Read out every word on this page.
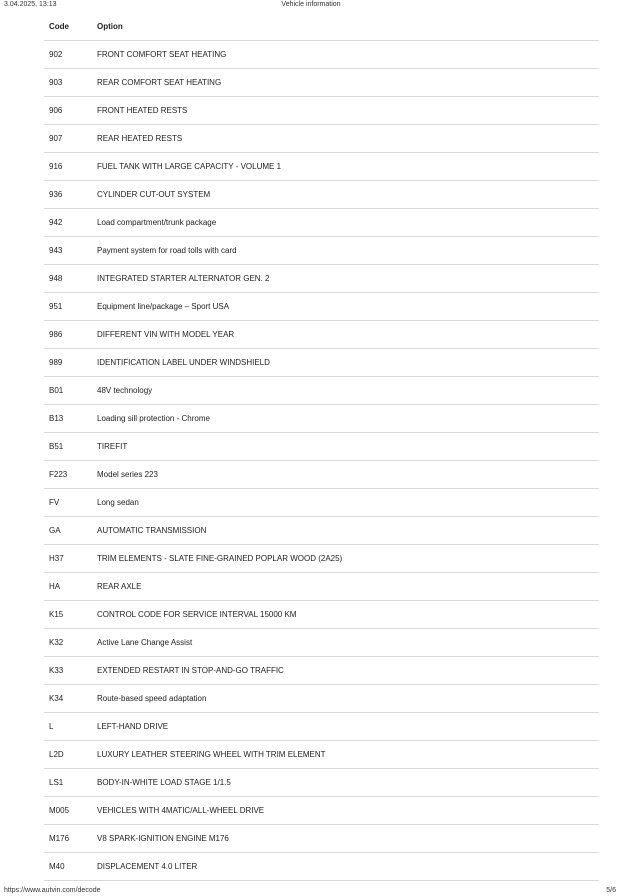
3.04.2025, 13:13	Vehicle information
Code	Option
902	FRONT COMFORT SEAT HEATING
903	REAR COMFORT SEAT HEATING
906	FRONT HEATED RESTS
907	REAR HEATED RESTS
916	FUEL TANK WITH LARGE CAPACITY - VOLUME 1
936	CYLINDER CUT-OUT SYSTEM
942	Load compartment/trunk package
943	Payment system for road tolls with card
948	INTEGRATED STARTER ALTERNATOR GEN. 2
951	Equipment line/package – Sport USA
986	DIFFERENT VIN WITH MODEL YEAR
989	IDENTIFICATION LABEL UNDER WINDSHIELD
B01	48V technology
B13	Loading sill protection - Chrome
B51	TIREFIT
F223	Model series 223
FV	Long sedan
GA	AUTOMATIC TRANSMISSION
H37	TRIM ELEMENTS - SLATE FINE-GRAINED POPLAR WOOD (2A25)
HA	REAR AXLE
K15	CONTROL CODE FOR SERVICE INTERVAL 15000 KM
K32	Active Lane Change Assist
K33	EXTENDED RESTART IN STOP-AND-GO TRAFFIC
K34	Route-based speed adaptation
L	LEFT-HAND DRIVE
L2D	LUXURY LEATHER STEERING WHEEL WITH TRIM ELEMENT
LS1	BODY-IN-WHITE LOAD STAGE 1/1.5
M005	VEHICLES WITH 4MATIC/ALL-WHEEL DRIVE
M176	V8 SPARK-IGNITION ENGINE M176
M40	DISPLACEMENT 4.0 LITER
https://www.autvin.com/decode	5/6
